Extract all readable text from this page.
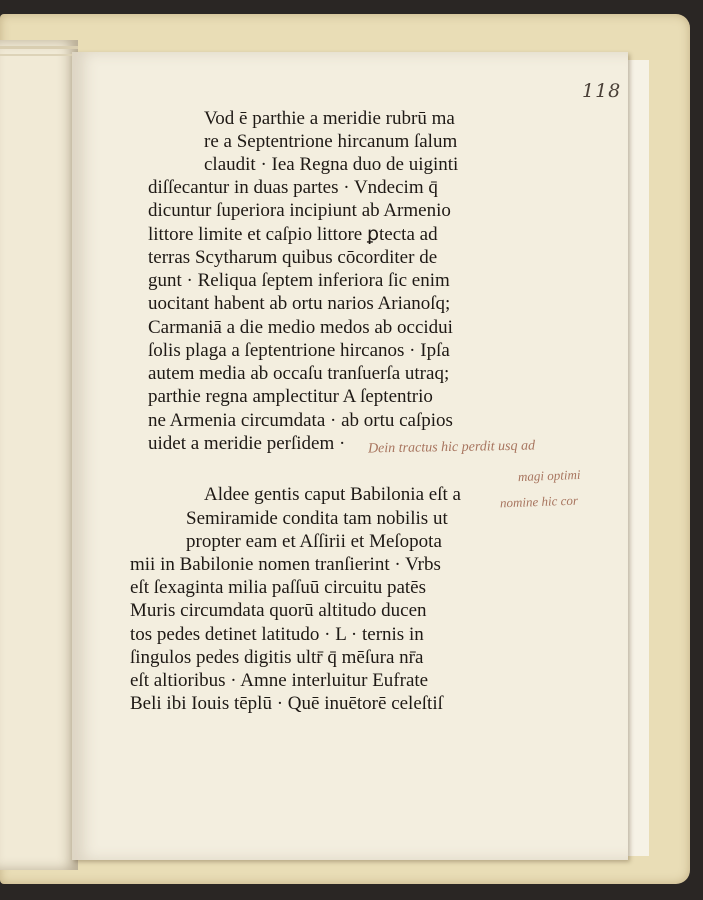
118
Vod ē parthie a meridie rubrū ma
re a Septentrione hircanum ſalum
claudit · Iea Regna duo de uiginti
diſſecantur in duas partes · Vndecim q̄
dicuntur ſuperiora incipiunt ab Armenio
littore limite et caſpio littore ꝑtecta ad
terras Scytharum quibus cōcorditer de
gunt · Reliqua ſeptem inferiora ſic enim
uocitant habent ab ortu narios Arianoſq;
Carmaniā a die medio medos ab occidui
ſolis plaga a ſeptentrione hircanos · Ipſa
autem media ab occaſu tranſuerſa utraq;
parthie regna amplectitur A ſeptentrio
ne Armenia circumdata · ab ortu caſpios
uidet a meridie perſidem · Dein tractus hic perdit usq ad
magi optimi
nomine hic cor
Aldee gentis caput Babilonia eſt a
Semiramide condita tam nobilis ut
propter eam et Aſſirii et Meſopota
mii in Babilonie nomen tranſierint · Vrbs
eſt ſexaginta milia paſſuū circuitu patēs
Muris circumdata quorū altitudo ducen
tos pedes detinet latitudo · L · ternis in
ſingulos pedes digitis ultr̄ q̄ mēſura nr̄a
eſt altioribus · Amne interluitur Eufrate
Beli ibi Iouis tēplū · Quē inuētorē celeſtiſ
